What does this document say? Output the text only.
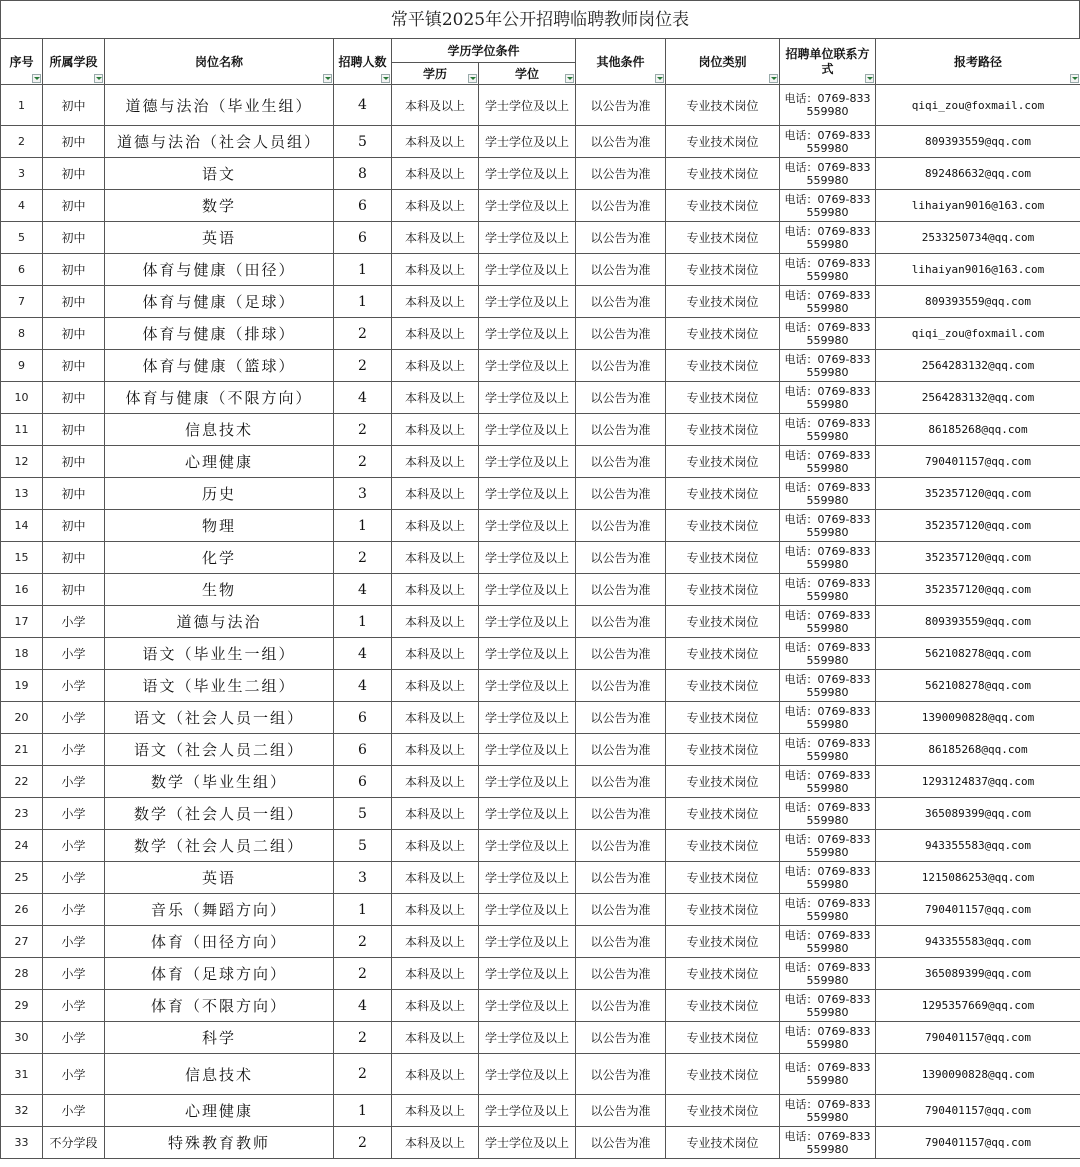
常平镇2025年公开招聘临聘教师岗位表
序号	所属学段	岗位名称	招聘人数	学历学位条件		其他条件	岗位类别	招聘单位联系方式	报考路径

				学历	学位				

1	初中	道德与法治（毕业生组）	4	本科及以上	学士学位及以上	以公告为准	专业技术岗位	电话：0769-833559980	qiqi_zou@foxmail.com
2	初中	道德与法治（社会人员组）	5	本科及以上	学士学位及以上	以公告为准	专业技术岗位	电话：0769-833559980	809393559@qq.com
3	初中	语文	8	本科及以上	学士学位及以上	以公告为准	专业技术岗位	电话：0769-833559980	892486632@qq.com
4	初中	数学	6	本科及以上	学士学位及以上	以公告为准	专业技术岗位	电话：0769-833559980	lihaiyan9016@163.com
5	初中	英语	6	本科及以上	学士学位及以上	以公告为准	专业技术岗位	电话：0769-833559980	2533250734@qq.com
6	初中	体育与健康（田径）	1	本科及以上	学士学位及以上	以公告为准	专业技术岗位	电话：0769-833559980	lihaiyan9016@163.com
7	初中	体育与健康（足球）	1	本科及以上	学士学位及以上	以公告为准	专业技术岗位	电话：0769-833559980	809393559@qq.com
8	初中	体育与健康（排球）	2	本科及以上	学士学位及以上	以公告为准	专业技术岗位	电话：0769-833559980	qiqi_zou@foxmail.com
9	初中	体育与健康（篮球）	2	本科及以上	学士学位及以上	以公告为准	专业技术岗位	电话：0769-833559980	2564283132@qq.com
10	初中	体育与健康（不限方向）	4	本科及以上	学士学位及以上	以公告为准	专业技术岗位	电话：0769-833559980	2564283132@qq.com
11	初中	信息技术	2	本科及以上	学士学位及以上	以公告为准	专业技术岗位	电话：0769-833559980	86185268@qq.com
12	初中	心理健康	2	本科及以上	学士学位及以上	以公告为准	专业技术岗位	电话：0769-833559980	790401157@qq.com
13	初中	历史	3	本科及以上	学士学位及以上	以公告为准	专业技术岗位	电话：0769-833559980	352357120@qq.com
14	初中	物理	1	本科及以上	学士学位及以上	以公告为准	专业技术岗位	电话：0769-833559980	352357120@qq.com
15	初中	化学	2	本科及以上	学士学位及以上	以公告为准	专业技术岗位	电话：0769-833559980	352357120@qq.com
16	初中	生物	4	本科及以上	学士学位及以上	以公告为准	专业技术岗位	电话：0769-833559980	352357120@qq.com
17	小学	道德与法治	1	本科及以上	学士学位及以上	以公告为准	专业技术岗位	电话：0769-833559980	809393559@qq.com
18	小学	语文（毕业生一组）	4	本科及以上	学士学位及以上	以公告为准	专业技术岗位	电话：0769-833559980	562108278@qq.com
19	小学	语文（毕业生二组）	4	本科及以上	学士学位及以上	以公告为准	专业技术岗位	电话：0769-833559980	562108278@qq.com
20	小学	语文（社会人员一组）	6	本科及以上	学士学位及以上	以公告为准	专业技术岗位	电话：0769-833559980	1390090828@qq.com
21	小学	语文（社会人员二组）	6	本科及以上	学士学位及以上	以公告为准	专业技术岗位	电话：0769-833559980	86185268@qq.com
22	小学	数学（毕业生组）	6	本科及以上	学士学位及以上	以公告为准	专业技术岗位	电话：0769-833559980	1293124837@qq.com
23	小学	数学（社会人员一组）	5	本科及以上	学士学位及以上	以公告为准	专业技术岗位	电话：0769-833559980	365089399@qq.com
24	小学	数学（社会人员二组）	5	本科及以上	学士学位及以上	以公告为准	专业技术岗位	电话：0769-833559980	943355583@qq.com
25	小学	英语	3	本科及以上	学士学位及以上	以公告为准	专业技术岗位	电话：0769-833559980	1215086253@qq.com
26	小学	音乐（舞蹈方向）	1	本科及以上	学士学位及以上	以公告为准	专业技术岗位	电话：0769-833559980	790401157@qq.com
27	小学	体育（田径方向）	2	本科及以上	学士学位及以上	以公告为准	专业技术岗位	电话：0769-833559980	943355583@qq.com
28	小学	体育（足球方向）	2	本科及以上	学士学位及以上	以公告为准	专业技术岗位	电话：0769-833559980	365089399@qq.com
29	小学	体育（不限方向）	4	本科及以上	学士学位及以上	以公告为准	专业技术岗位	电话：0769-833559980	1295357669@qq.com
30	小学	科学	2	本科及以上	学士学位及以上	以公告为准	专业技术岗位	电话：0769-833559980	790401157@qq.com
31	小学	信息技术	2	本科及以上	学士学位及以上	以公告为准	专业技术岗位	电话：0769-833559980	1390090828@qq.com
32	小学	心理健康	1	本科及以上	学士学位及以上	以公告为准	专业技术岗位	电话：0769-833559980	790401157@qq.com
33	不分学段	特殊教育教师	2	本科及以上	学士学位及以上	以公告为准	专业技术岗位	电话：0769-833559980	790401157@qq.com
